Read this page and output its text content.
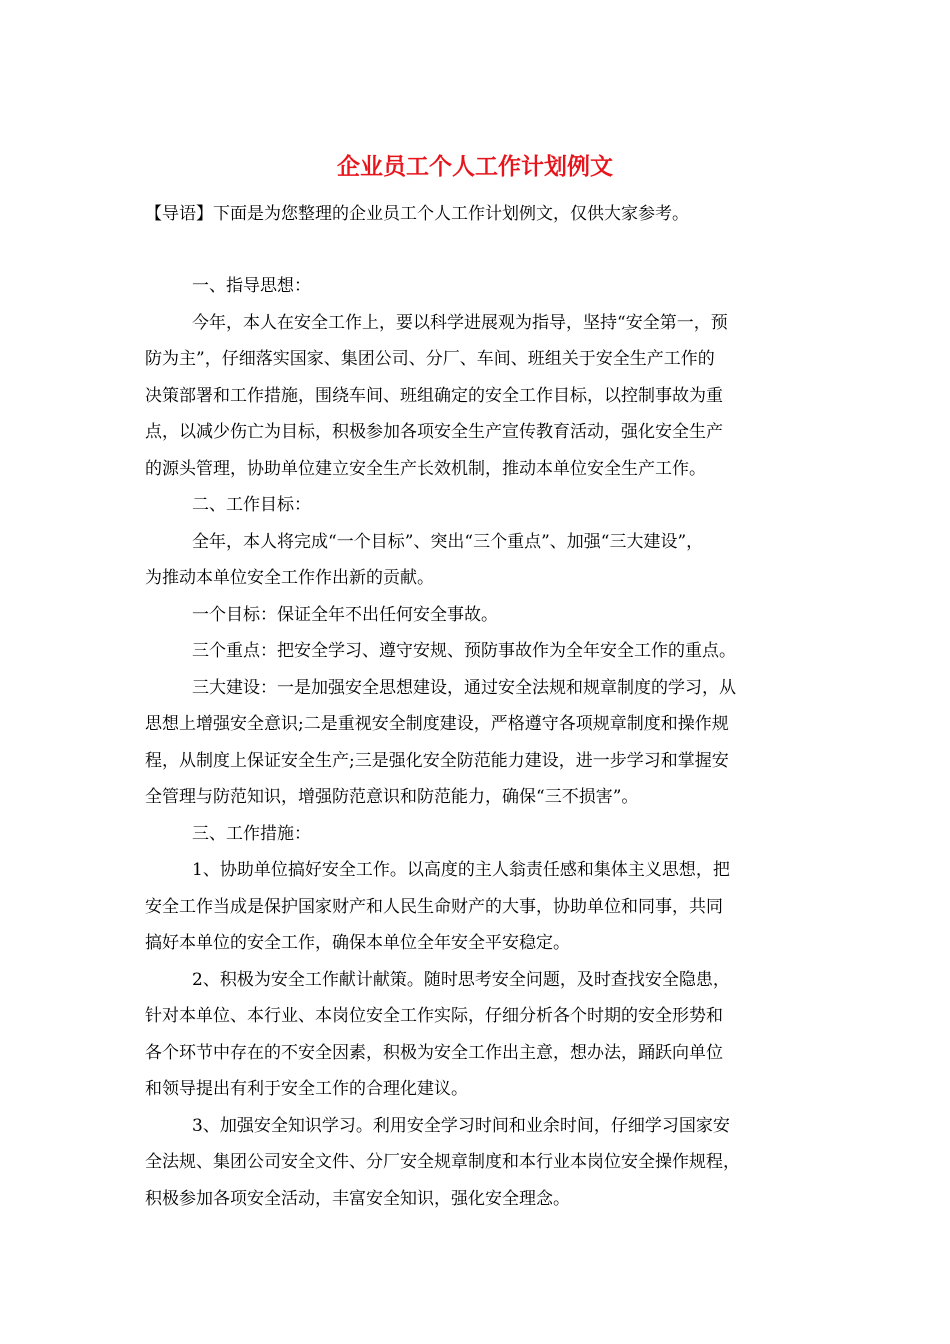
企业员工个人工作计划例文

【导语】下面是为您整理的企业员工个人工作计划例文，仅供大家参考。

一、指导思想：

今年，本人在安全工作上，要以科学进展观为指导，坚持“安全第一，预
防为主”，仔细落实国家、集团公司、分厂、车间、班组关于安全生产工作的
决策部署和工作措施，围绕车间、班组确定的安全工作目标，以控制事故为重
点，以减少伤亡为目标，积极参加各项安全生产宣传教育活动，强化安全生产
的源头管理，协助单位建立安全生产长效机制，推动本单位安全生产工作。

二、工作目标：

全年，本人将完成“一个目标”、突出“三个重点”、加强“三大建设”，
为推动本单位安全工作作出新的贡献。

一个目标：保证全年不出任何安全事故。

三个重点：把安全学习、遵守安规、预防事故作为全年安全工作的重点。

三大建设：一是加强安全思想建设，通过安全法规和规章制度的学习，从
思想上增强安全意识;二是重视安全制度建设，严格遵守各项规章制度和操作规
程，从制度上保证安全生产;三是强化安全防范能力建设，进一步学习和掌握安
全管理与防范知识，增强防范意识和防范能力，确保“三不损害”。

三、工作措施：

1、协助单位搞好安全工作。以高度的主人翁责任感和集体主义思想，把
安全工作当成是保护国家财产和人民生命财产的大事，协助单位和同事，共同
搞好本单位的安全工作，确保本单位全年安全平安稳定。

2、积极为安全工作献计献策。随时思考安全问题，及时查找安全隐患，
针对本单位、本行业、本岗位安全工作实际，仔细分析各个时期的安全形势和
各个环节中存在的不安全因素，积极为安全工作出主意，想办法，踊跃向单位
和领导提出有利于安全工作的合理化建议。

3、加强安全知识学习。利用安全学习时间和业余时间，仔细学习国家安
全法规、集团公司安全文件、分厂安全规章制度和本行业本岗位安全操作规程，
积极参加各项安全活动，丰富安全知识，强化安全理念。
